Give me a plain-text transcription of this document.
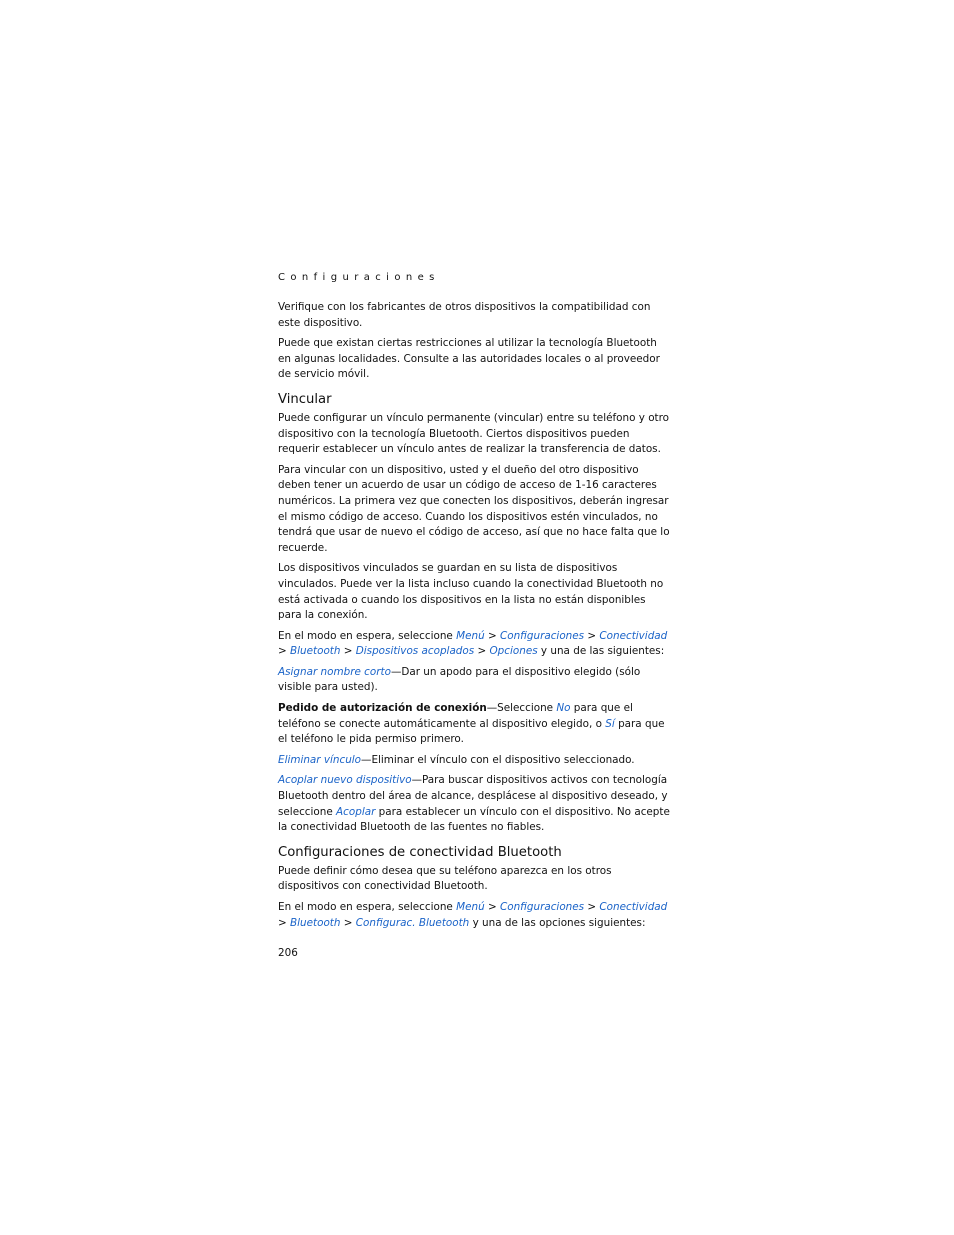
Configuraciones

Verifique con los fabricantes de otros dispositivos la compatibilidad con este dispositivo.

Puede que existan ciertas restricciones al utilizar la tecnología Bluetooth en algunas localidades. Consulte a las autoridades locales o al proveedor de servicio móvil.

Vincular

Puede configurar un vínculo permanente (vincular) entre su teléfono y otro dispositivo con la tecnología Bluetooth. Ciertos dispositivos pueden requerir establecer un vínculo antes de realizar la transferencia de datos.

Para vincular con un dispositivo, usted y el dueño del otro dispositivo deben tener un acuerdo de usar un código de acceso de 1-16 caracteres numéricos. La primera vez que conecten los dispositivos, deberán ingresar el mismo código de acceso. Cuando los dispositivos estén vinculados, no tendrá que usar de nuevo el código de acceso, así que no hace falta que lo recuerde.

Los dispositivos vinculados se guardan en su lista de dispositivos vinculados. Puede ver la lista incluso cuando la conectividad Bluetooth no está activada o cuando los dispositivos en la lista no están disponibles para la conexión.

En el modo en espera, seleccione Menú > Configuraciones > Conectividad > Bluetooth > Dispositivos acoplados > Opciones y una de las siguientes:

Asignar nombre corto—Dar un apodo para el dispositivo elegido (sólo visible para usted).

Pedido de autorización de conexión—Seleccione No para que el teléfono se conecte automáticamente al dispositivo elegido, o Sí para que el teléfono le pida permiso primero.

Eliminar vínculo—Eliminar el vínculo con el dispositivo seleccionado.

Acoplar nuevo dispositivo—Para buscar dispositivos activos con tecnología Bluetooth dentro del área de alcance, desplácese al dispositivo deseado, y seleccione Acoplar para establecer un vínculo con el dispositivo. No acepte la conectividad Bluetooth de las fuentes no fiables.

Configuraciones de conectividad Bluetooth

Puede definir cómo desea que su teléfono aparezca en los otros dispositivos con conectividad Bluetooth.

En el modo en espera, seleccione Menú > Configuraciones > Conectividad > Bluetooth > Configurac. Bluetooth y una de las opciones siguientes:

206
